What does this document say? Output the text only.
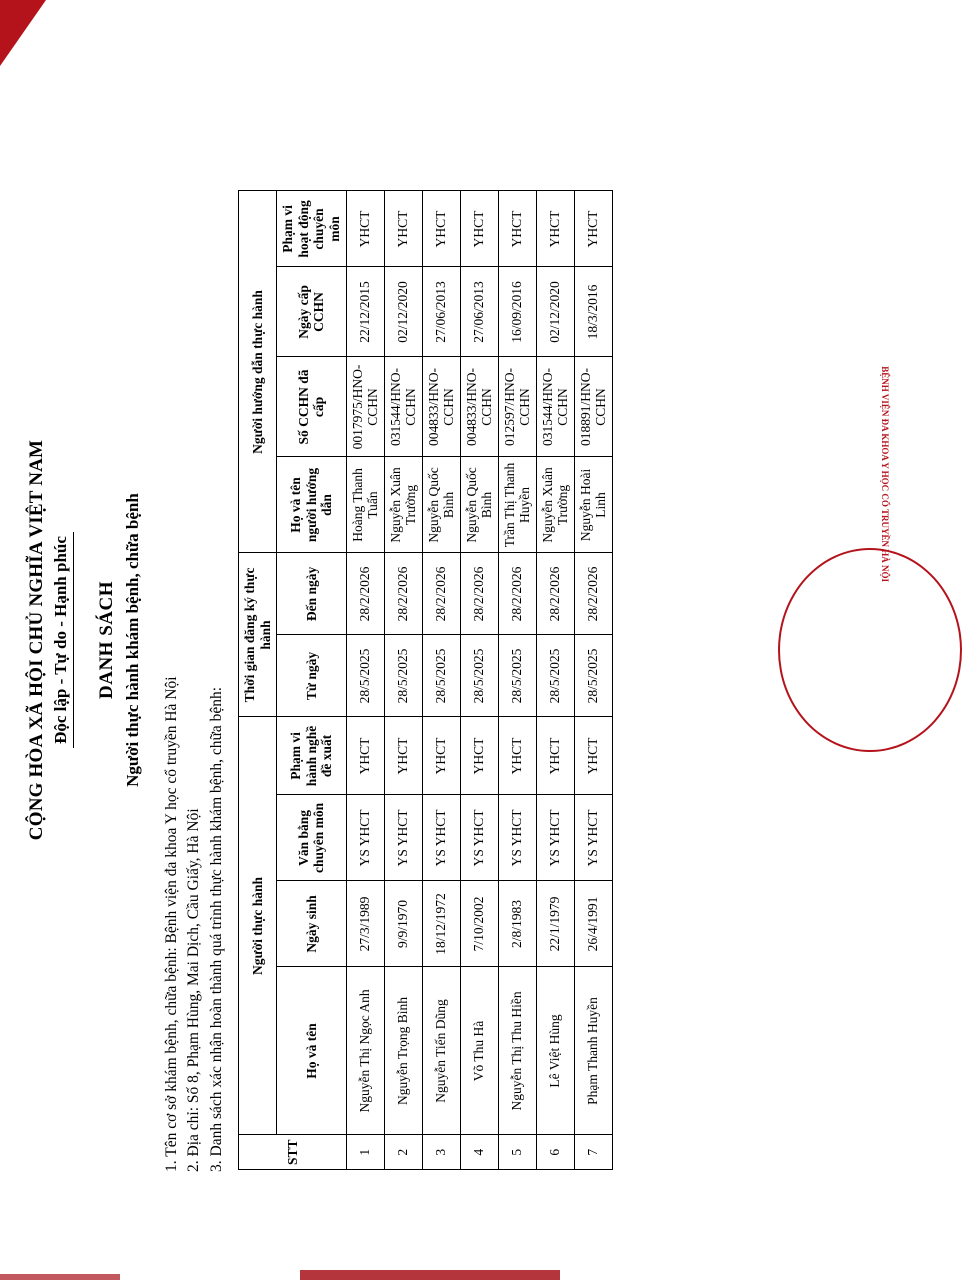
BỆNH VIỆN ĐA KHOA Y HỌC CỔ TRUYỀN HÀ NỘI
CỘNG HÒA XÃ HỘI CHỦ NGHĨA VIỆT NAM Độc lập - Tự do - Hạnh phúc DANH SÁCH Người thực hành khám bệnh, chữa bệnh
1. Tên cơ sở khám bệnh, chữa bệnh: Bệnh viện đa khoa Y học cổ truyền Hà Nội 2. Địa chỉ: Số 8, Phạm Hùng, Mai Dịch, Cầu Giấy, Hà Nội 3. Danh sách xác nhận hoàn thành quá trình thực hành khám bệnh, chữa bệnh:	STT	Người thực hành				Thời gian đăng ký thực hành		Người hướng dẫn thực hành			
	Họ và tên	Ngày sinh	Văn bằng chuyên môn	Phạm vi hành nghề đề xuất	Từ ngày	Đến ngày	Họ và tên người hướng dẫn	Số CCHN đã cấp	Ngày cấp CCHN	Phạm vi hoạt động chuyên môn
1	Nguyễn Thị Ngọc Anh	27/3/1989	YS YHCT	YHCT	28/5/2025	28/2/2026	Hoàng Thanh Tuấn	0017975/HNO-CCHN	22/12/2015	YHCT
2	Nguyễn Trọng Bình	9/9/1970	YS YHCT	YHCT	28/5/2025	28/2/2026	Nguyễn Xuân Trường	031544/HNO-CCHN	02/12/2020	YHCT
3	Nguyễn Tiến Dũng	18/12/1972	YS YHCT	YHCT	28/5/2025	28/2/2026	Nguyễn Quốc Bình	004833/HNO-CCHN	27/06/2013	YHCT
4	Võ Thu Hà	7/10/2002	YS YHCT	YHCT	28/5/2025	28/2/2026	Nguyễn Quốc Bình	004833/HNO-CCHN	27/06/2013	YHCT
5	Nguyễn Thị Thu Hiền	2/8/1983	YS YHCT	YHCT	28/5/2025	28/2/2026	Trần Thị Thanh Huyền	012597/HNO-CCHN	16/09/2016	YHCT
6	Lê Việt Hùng	22/1/1979	YS YHCT	YHCT	28/5/2025	28/2/2026	Nguyễn Xuân Trường	031544/HNO-CCHN	02/12/2020	YHCT
7	Phạm Thanh Huyền	26/4/1991	YS YHCT	YHCT	28/5/2025	28/2/2026	Nguyễn Hoài Linh	018891/HNO-CCHN	18/3/2016	YHCT
